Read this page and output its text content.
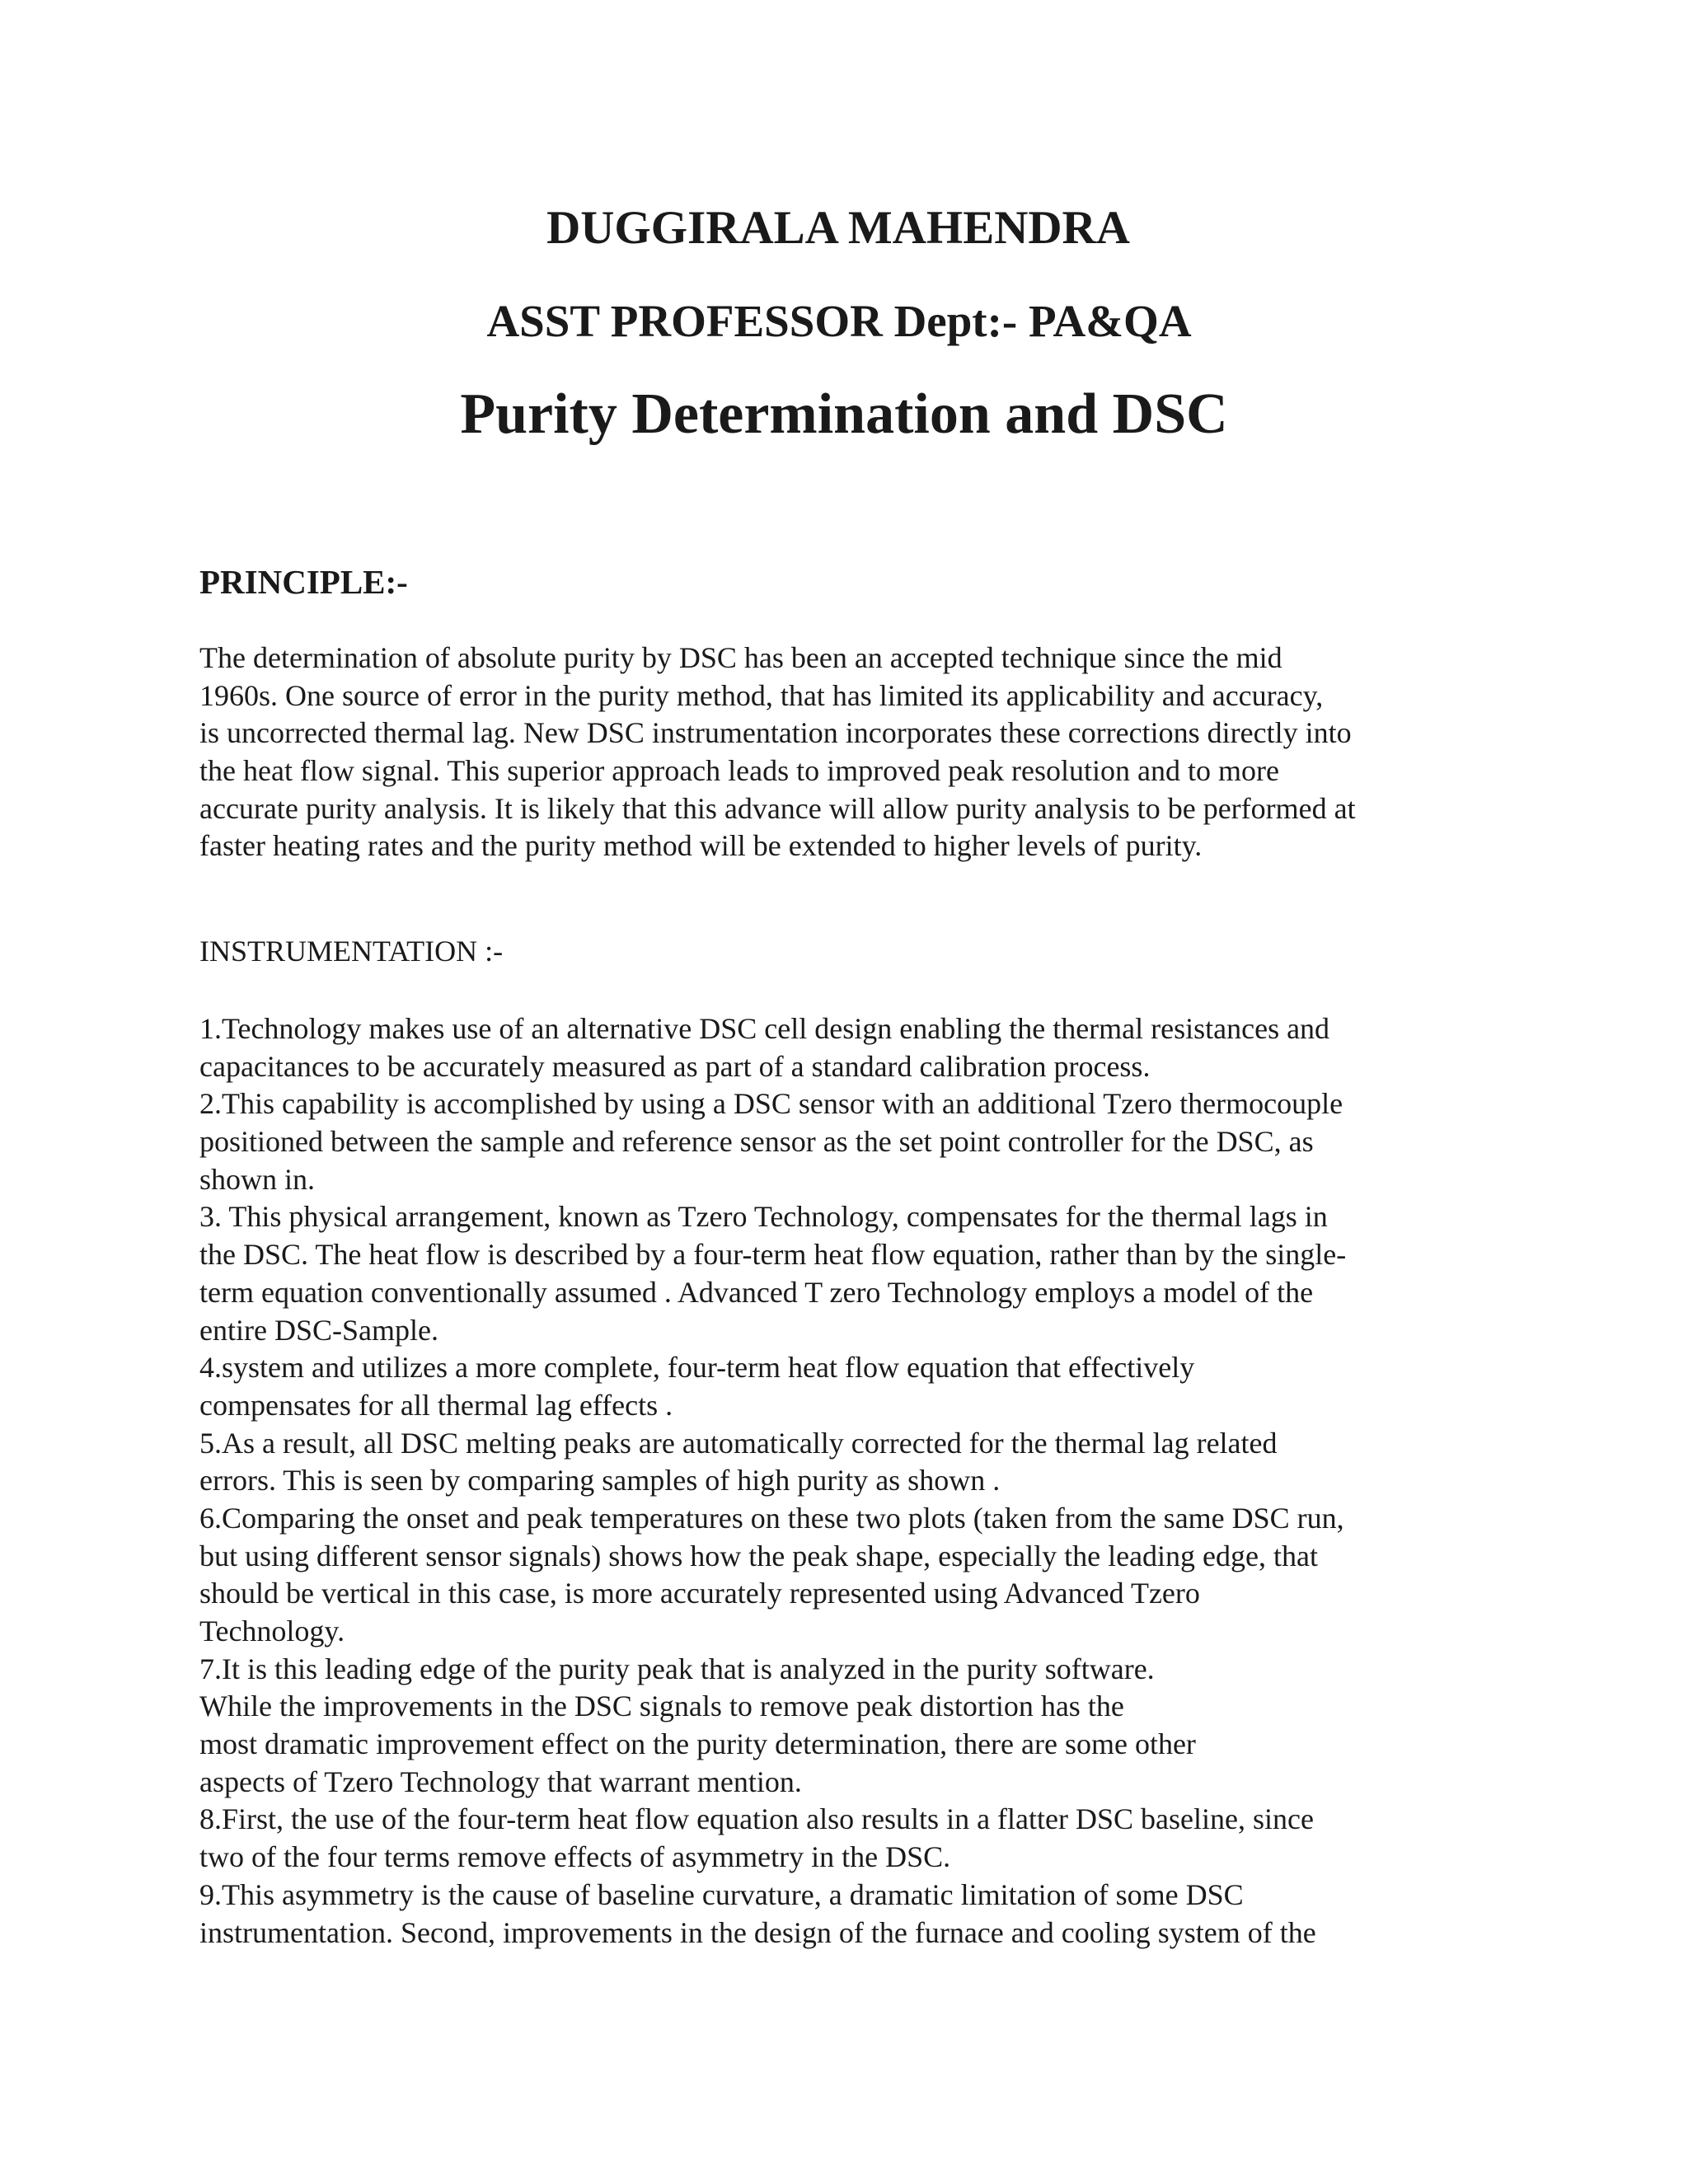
DUGGIRALA MAHENDRA
ASST PROFESSOR Dept:- PA&QA
Purity Determination and DSC
PRINCIPLE:-
The determination of absolute purity by DSC has been an accepted technique since the mid
1960s. One source of error in the purity method, that has limited its applicability and accuracy,
is uncorrected thermal lag. New DSC instrumentation incorporates these corrections directly into
the heat flow signal. This superior approach leads to improved peak resolution and to more
accurate purity analysis. It is likely that this advance will allow purity analysis to be performed at
faster heating rates and the purity method will be extended to higher levels of purity.
INSTRUMENTATION :-
1.Technology makes use of an alternative DSC cell design enabling the thermal resistances and
capacitances to be accurately measured as part of a standard calibration process.
2.This capability is accomplished by using a DSC sensor with an additional Tzero thermocouple
positioned between the sample and reference sensor as the set point controller for the DSC, as
shown in.
3. This physical arrangement, known as Tzero Technology, compensates for the thermal lags in
the DSC. The heat flow is described by a four-term heat flow equation, rather than by the single-
term equation conventionally assumed . Advanced T zero Technology employs a model of the
entire DSC-Sample.
4.system and utilizes a more complete, four-term heat flow equation that effectively
compensates for all thermal lag effects .
5.As a result, all DSC melting peaks are automatically corrected for the thermal lag related
errors. This is seen by comparing samples of high purity as shown .
6.Comparing the onset and peak temperatures on these two plots (taken from the same DSC run,
but using different sensor signals) shows how the peak shape, especially the leading edge, that
should be vertical in this case, is more accurately represented using Advanced Tzero
Technology.
7.It is this leading edge of the purity peak that is analyzed in the purity software.
While the improvements in the DSC signals to remove peak distortion has the
most dramatic improvement effect on the purity determination, there are some other
aspects of Tzero Technology that warrant mention.
8.First, the use of the four-term heat flow equation also results in a flatter DSC baseline, since
two of the four terms remove effects of asymmetry in the DSC.
9.This asymmetry is the cause of baseline curvature, a dramatic limitation of some DSC
instrumentation. Second, improvements in the design of the furnace and cooling system of the
